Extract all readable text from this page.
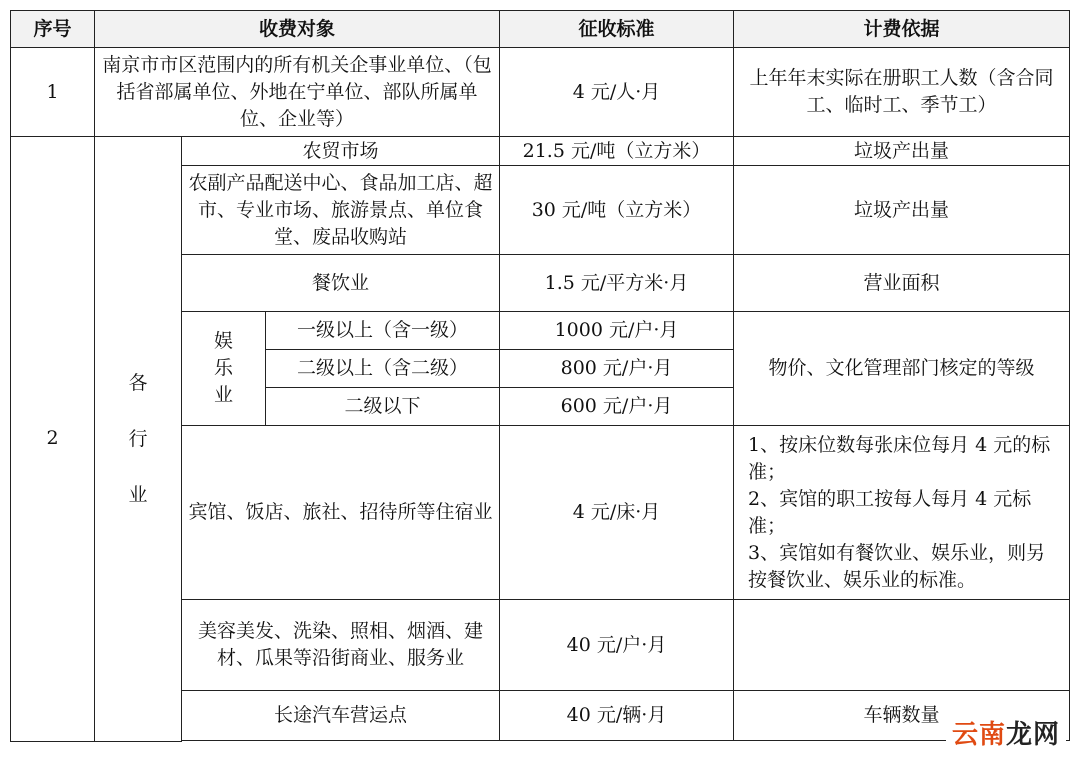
序号	收费对象			征收标准	计费依据
1	南京市市区范围内的所有机关企事业单位、（包括省部属单位、外地在宁单位、部队所属单位、企业等）			4 元/人·月	上年年末实际在册职工人数（含合同工、临时工、季节工）
2	各行业	农贸市场		21.5 元/吨（立方米）	垃圾产出量
		农副产品配送中心、食品加工店、超市、专业市场、旅游景点、单位食堂、废品收购站		30 元/吨（立方米）	垃圾产出量
		餐饮业		1.5 元/平方米·月	营业面积
		娱乐业	一级以上（含一级）	1000 元/户·月	物价、文化管理部门核定的等级
			二级以上（含二级）	800 元/户·月	
			二级以下	600 元/户·月	
		宾馆、饭店、旅社、招待所等住宿业		4 元/床·月	1、按床位数每张床位每月 4 元的标准；
2、宾馆的职工按每人每月 4 元标准；
3、宾馆如有餐饮业、娱乐业，则另按餐饮业、娱乐业的标准。

		美容美发、洗染、照相、烟酒、建材、瓜果等沿街商业、服务业		40 元/户·月	
		长途汽车营运点		40 元/辆·月	车辆数量

云南龙网
